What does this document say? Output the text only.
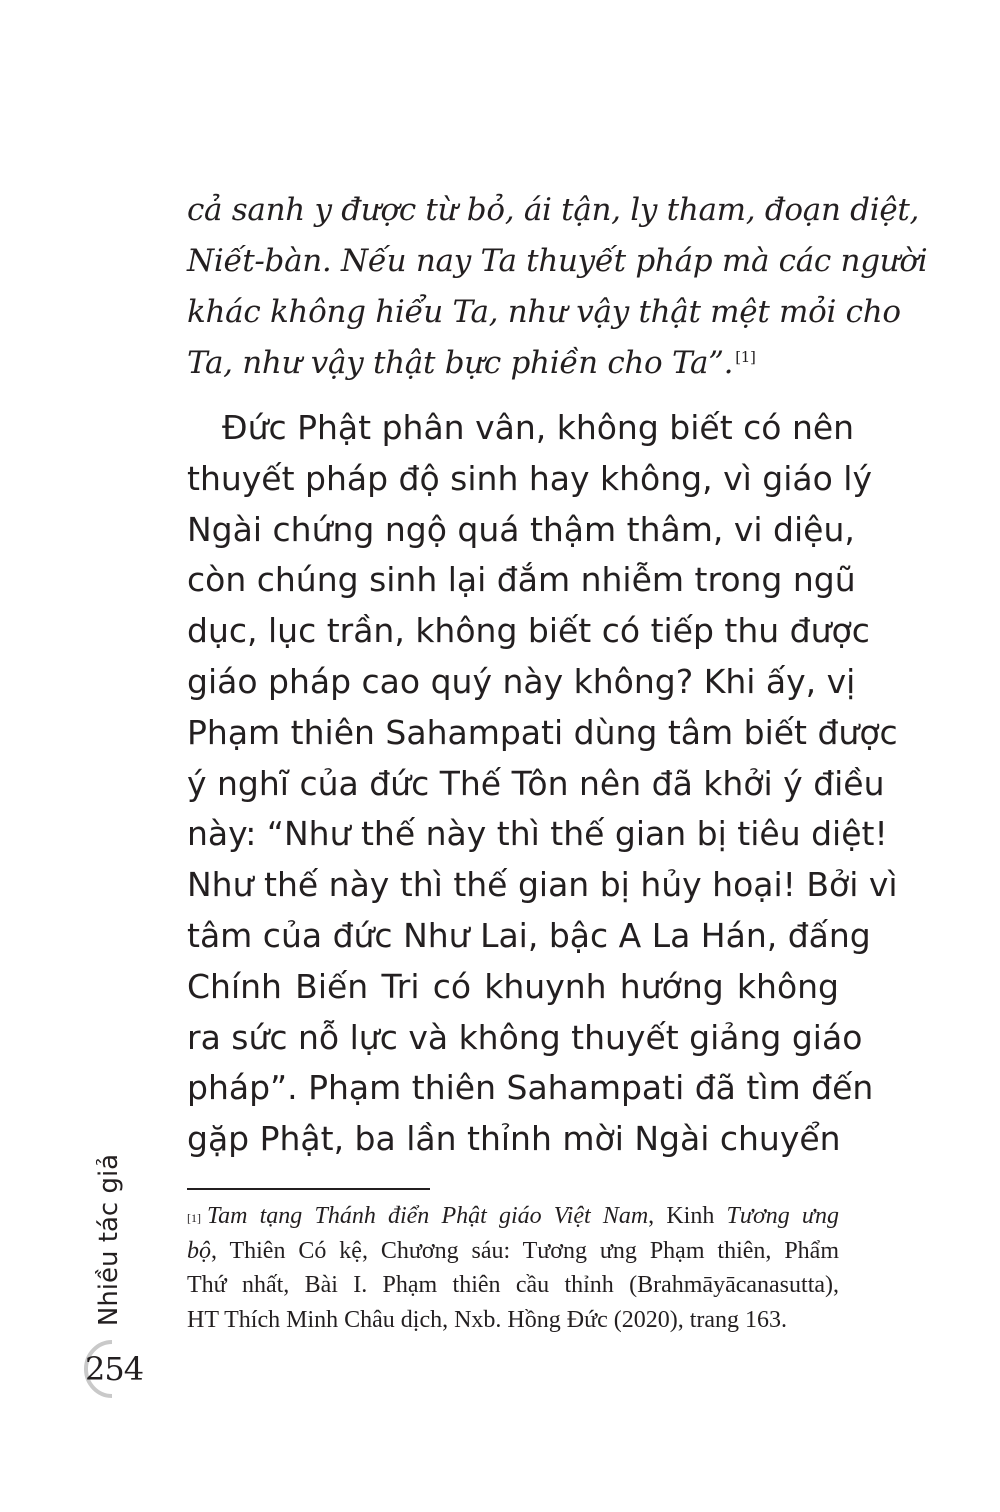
cả sanh y được từ bỏ, ái tận, ly tham, đoạn diệt,
Niết-bàn. Nếu nay Ta thuyết pháp mà các người
khác không hiểu Ta, như vậy thật mệt mỏi cho
Ta, như vậy thật bực phiền cho Ta”. [1]
Đức Phật phân vân, không biết có nên
thuyết pháp độ sinh hay không, vì giáo lý
Ngài chứng ngộ quá thậm thâm, vi diệu,
còn chúng sinh lại đắm nhiễm trong ngũ
dục, lục trần, không biết có tiếp thu được
giáo pháp cao quý này không? Khi ấy, vị
Phạm thiên Sahampati dùng tâm biết được
ý nghĩ của đức Thế Tôn nên đã khởi ý điều
này: “Như thế này thì thế gian bị tiêu diệt!
Như thế này thì thế gian bị hủy hoại! Bởi vì
tâm của đức Như Lai, bậc A La Hán, đấng
Chính Biến Tri có khuynh hướng không
ra sức nỗ lực và không thuyết giảng giáo
pháp”. Phạm thiên Sahampati đã tìm đến
gặp Phật, ba lần thỉnh mời Ngài chuyển
[1] Tam tạng Thánh điển Phật giáo Việt Nam, Kinh Tương ưng
bộ, Thiên Có kệ, Chương sáu: Tương ưng Phạm thiên, Phẩm
Thứ nhất, Bài I. Phạm thiên cầu thỉnh (Brahmāyācanasutta),
HT Thích Minh Châu dịch, Nxb. Hồng Đức (2020), trang 163.
Nhiều tác giả
254
